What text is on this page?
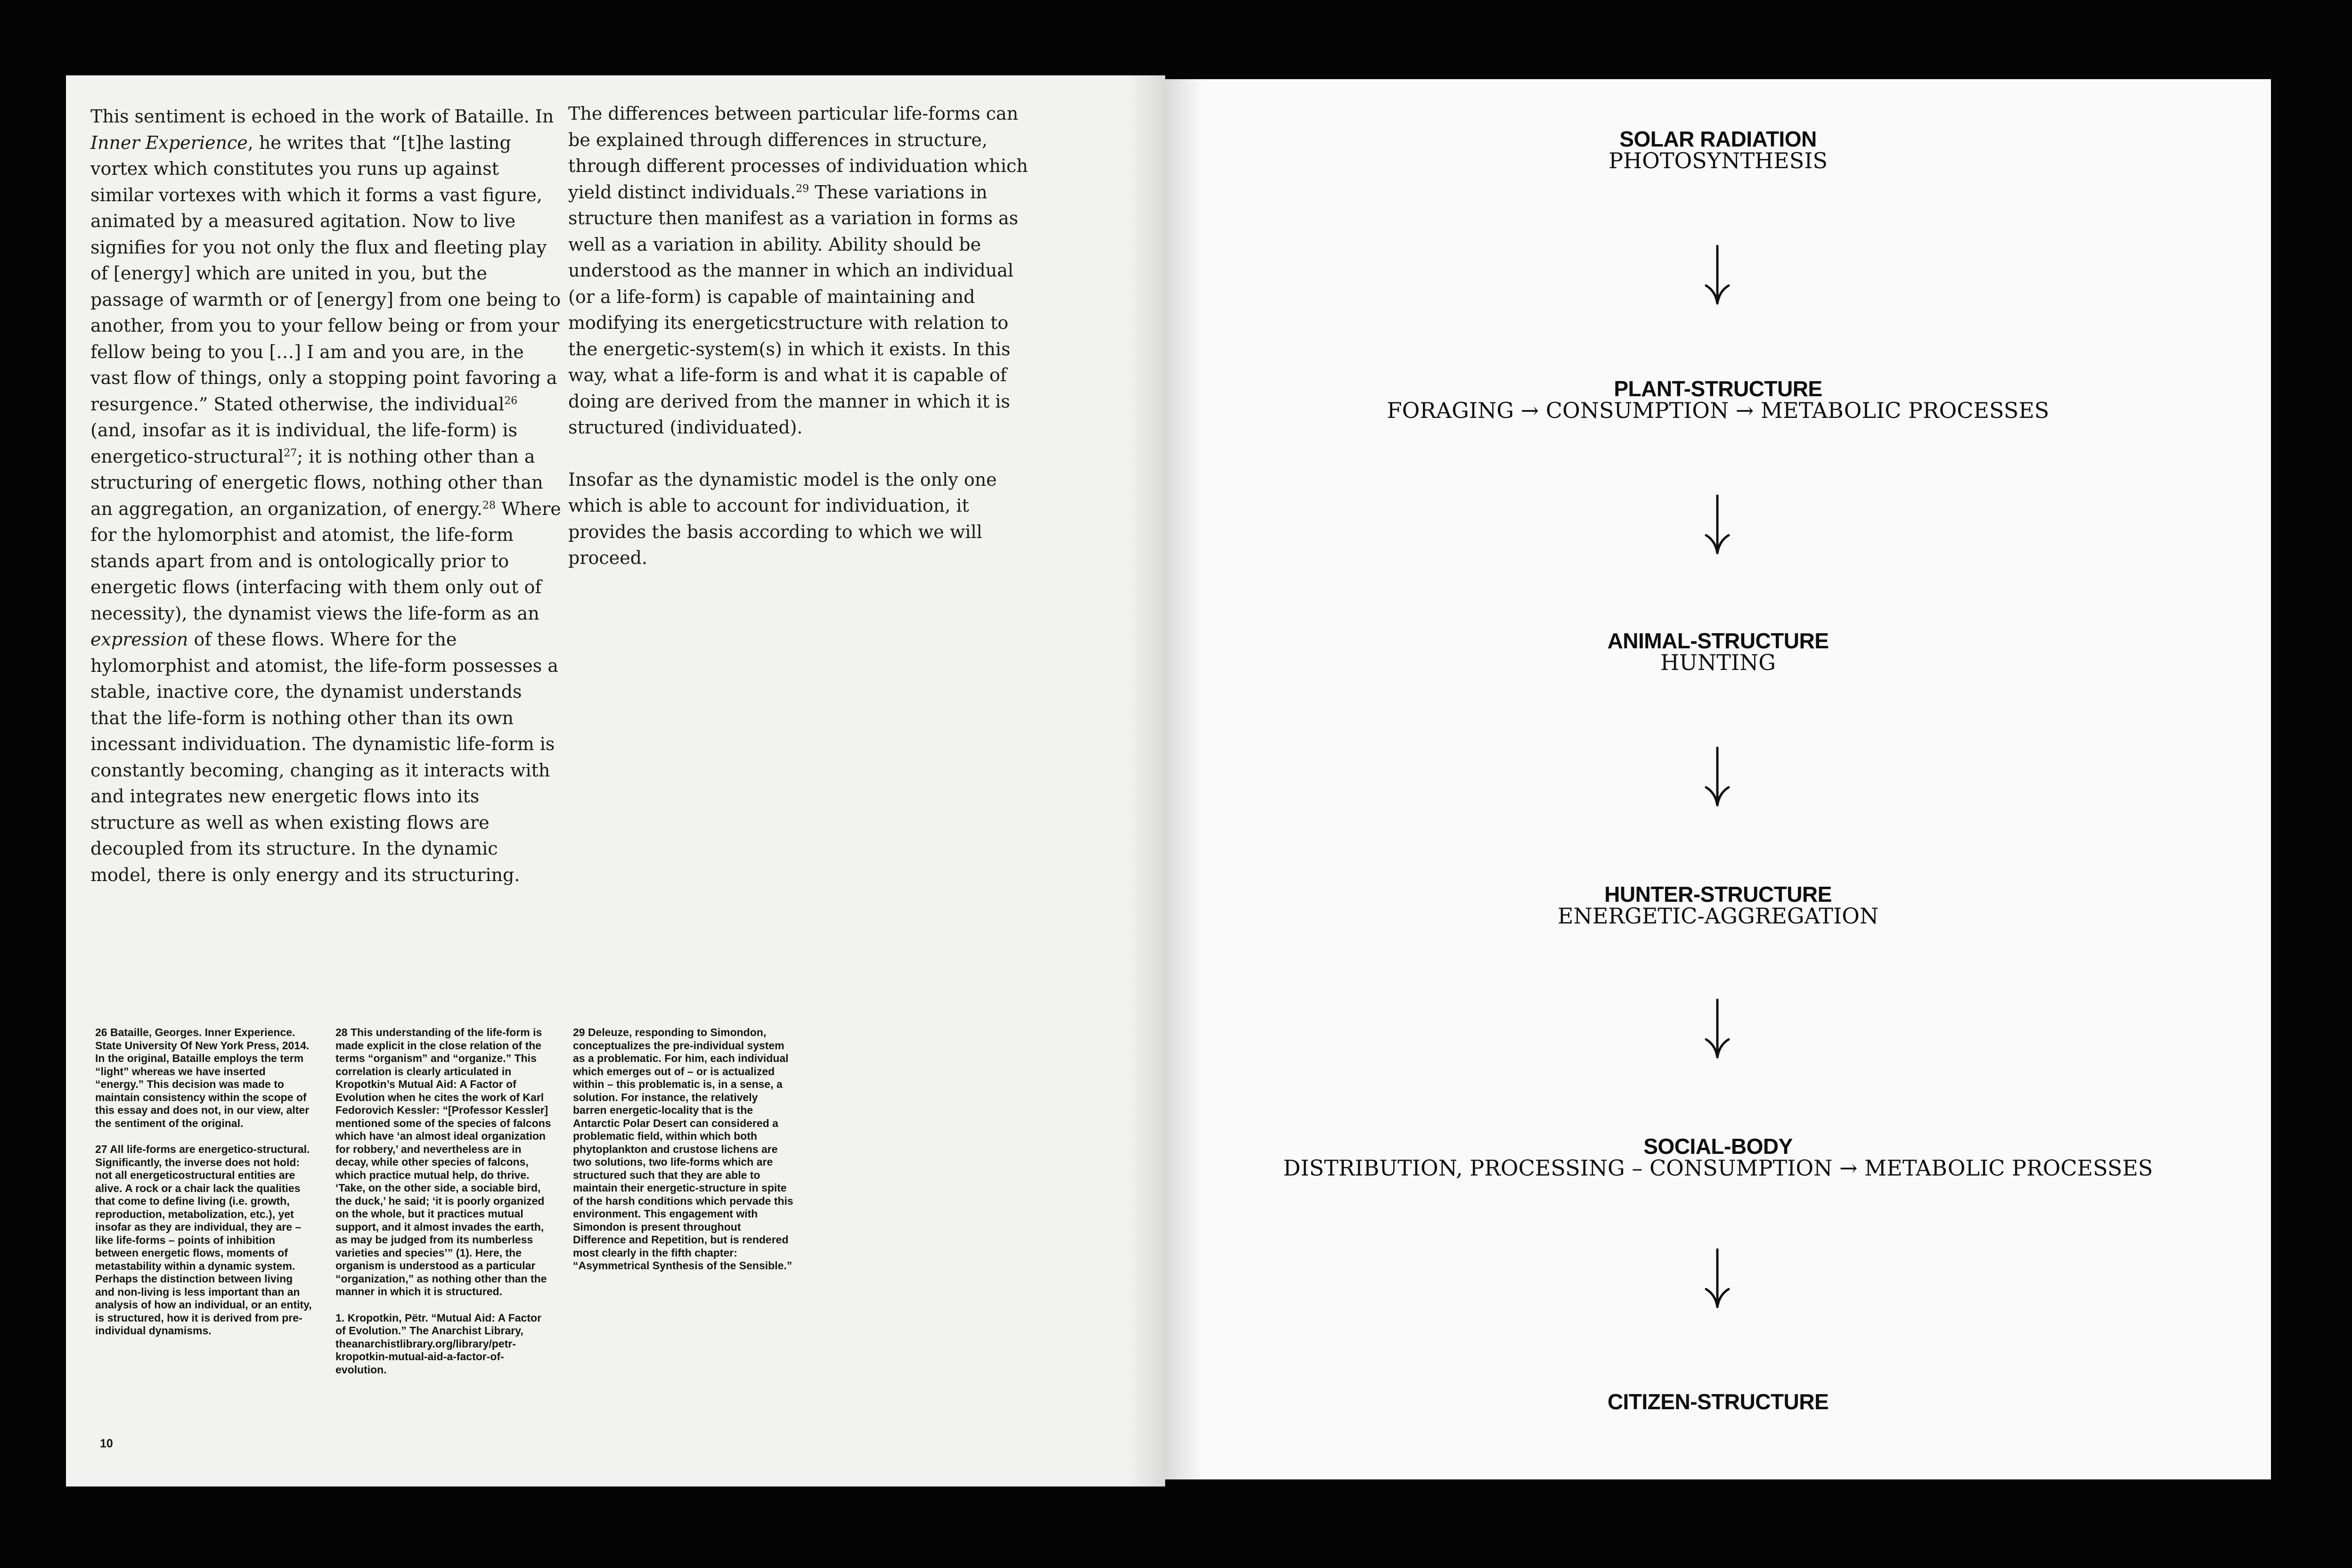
This sentiment is echoed in the work of Bataille. In Inner Experience, he writes that “[t]he lasting vortex which constitutes you runs up against similar vortexes with which it forms a vast figure, animated by a measured agitation. Now to live signifies for you not only the flux and fleeting play of [energy] which are united in you, but the passage of warmth or of [energy] from one being to another, from you to your fellow being or from your fellow being to you […] I am and you are, in the vast flow of things, only a stopping point favoring a resurgence.” Stated otherwise, the individual$^{26}$ (and, insofar as it is individual, the life-form) is energetico-structural$^{27}$; it is nothing other than a structuring of energetic flows, nothing other than an aggregation, an organization, of energy.$^{28}$ Where for the hylomorphist and atomist, the life-form stands apart from and is ontologically prior to energetic flows (interfacing with them only out of necessity), the dynamist views the life-form as an expression of these flows. Where for the hylomorphist and atomist, the life-form possesses a stable, inactive core, the dynamist understands that the life-form is nothing other than its own incessant individuation. The dynamistic life-form is constantly becoming, changing as it interacts with and integrates new energetic flows into its structure as well as when existing flows are decoupled from its structure. In the dynamic model, there is only energy and its structuring.

The differences between particular life-forms can be explained through differences in structure, through different processes of individuation which yield distinct individuals.$^{29}$ These variations in structure then manifest as a variation in forms as well as a variation in ability. Ability should be understood as the manner in which an individual (or a life-form) is capable of maintaining and modifying its energeticstructure with relation to the energetic-system(s) in which it exists. In this way, what a life-form is and what it is capable of doing are derived from the manner in which it is structured (individuated).

Insofar as the dynamistic model is the only one which is able to account for individuation, it provides the basis according to which we will proceed.

26 Bataille, Georges. Inner Experience. State University Of New York Press, 2014. In the original, Bataille employs the term “light” whereas we have inserted “energy.” This decision was made to maintain consistency within the scope of this essay and does not, in our view, alter the sentiment of the original.

27 All life-forms are energetico-structural. Significantly, the inverse does not hold: not all energeticostructural entities are alive. A rock or a chair lack the qualities that come to define living (i.e. growth, reproduction, metabolization, etc.), yet insofar as they are individual, they are – like life-forms – points of inhibition between energetic flows, moments of metastability within a dynamic system. Perhaps the distinction between living and non-living is less important than an analysis of how an individual, or an entity, is structured, how it is derived from pre-individual dynamisms.

28 This understanding of the life-form is made explicit in the close relation of the terms “organism” and “organize.” This correlation is clearly articulated in Kropotkin’s Mutual Aid: A Factor of Evolution when he cites the work of Karl Fedorovich Kessler: “[Professor Kessler] mentioned some of the species of falcons which have ‘an almost ideal organization for robbery,’ and nevertheless are in decay, while other species of falcons, which practice mutual help, do thrive. ‘Take, on the other side, a sociable bird, the duck,’ he said; ‘it is poorly organized on the whole, but it practices mutual support, and it almost invades the earth, as may be judged from its numberless varieties and species’” (1). Here, the organism is understood as a particular “organization,” as nothing other than the manner in which it is structured.

1. Kropotkin, Pëtr. “Mutual Aid: A Factor of Evolution.” The Anarchist Library, theanarchistlibrary.org/library/petr-kropotkin-mutual-aid-a-factor-of-evolution.

29 Deleuze, responding to Simondon, conceptualizes the pre-individual system as a problematic. For him, each individual which emerges out of – or is actualized within – this problematic is, in a sense, a solution. For instance, the relatively barren energetic-locality that is the Antarctic Polar Desert can considered a problematic field, within which both phytoplankton and crustose lichens are two solutions, two life-forms which are structured such that they are able to maintain their energetic-structure in spite of the harsh conditions which pervade this environment. This engagement with Simondon is present throughout Difference and Repetition, but is rendered most clearly in the fifth chapter: “Asymmetrical Synthesis of the Sensible.”

10
SOLAR RADIATION
PHOTOSYNTHESIS
PLANT-STRUCTURE
FORAGING → CONSUMPTION → METABOLIC PROCESSES
ANIMAL-STRUCTURE
HUNTING
HUNTER-STRUCTURE
ENERGETIC-AGGREGATION
SOCIAL-BODY
DISTRIBUTION, PROCESSING – CONSUMPTION → METABOLIC PROCESSES
CITIZEN-STRUCTURE
